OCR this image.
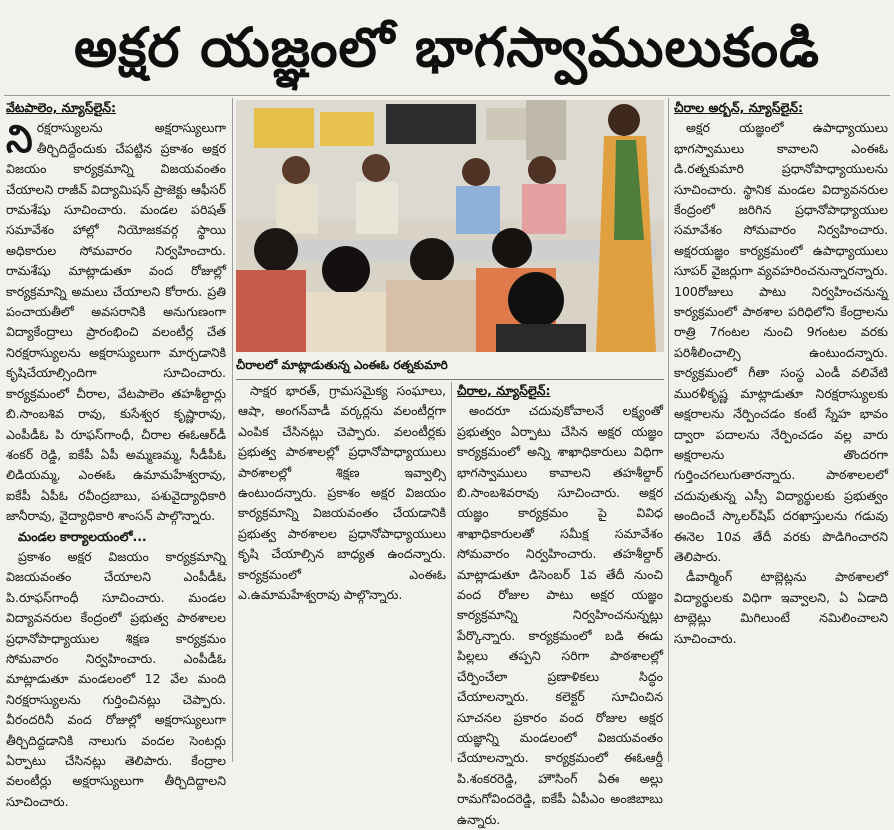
అక్షర యజ్ఞంలో భాగస్వాములుకండి

వేటపాలెం, న్యూస్‌లైన్:

నిరక్షరాస్యులను అక్షరాస్యులుగా తీర్చిదిద్దేందుకు చేపట్టిన ప్రకాశం అక్షర విజయం కార్యక్రమాన్ని విజయవంతం చేయాలని రాజీవ్ విద్యామిషన్ ప్రాజెక్టు ఆఫీసర్ రామశేషు సూచించారు. మండల పరిషత్ సమావేశం హాల్లో నియోజకవర్గ స్థాయి అధికారుల సోమవారం నిర్వహించారు. రామశేషు మాట్లాడుతూ వంద రోజుల్లో కార్యక్రమాన్ని అమలు చేయాలని కోరారు. ప్రతి పంచాయతీలో అవసరానికి అనుగుణంగా విద్యాకేంద్రాలు ప్రారంభించి వలంటీర్ల చేత నిరక్షరాస్యులను అక్షరాస్యులుగా మార్చడానికి కృషిచేయాల్సిందిగా సూచించారు. కార్యక్రమంలో చీరాల, వేటపాలెం తహశీల్దార్లు బి.సాంబశివ రావు, కుసేశ్వర కృష్ణారావు, ఎంపీడీఓ పి రూఫస్‌గాంధీ, చీరాల ఈఓఆర్‌డీ శంకర్ రెడ్డి, ఐకేపీ ఏపీ అమ్మణమ్మ, సీడీపీఓ లిడియమ్మ, ఎంఈఓ ఉమామహేశ్వరావు, ఐకేపీ ఏపీఓ రవీంద్రబాబు, పశువైద్యాధికారి జానీరావు, వైద్యాధికారి శాంసన్ పాల్గొన్నారు.

మండల కార్యాలయంలో...

ప్రకాశం అక్షర విజయం కార్యక్రమాన్ని విజయవంతం చేయాలని ఎంపీడీఓ పి.రూఫస్‌గాంధీ సూచించారు. మండల విద్యావనరుల కేంద్రంలో ప్రభుత్వ పాఠశాలల ప్రధానోపాధ్యాయుల శిక్షణ కార్యక్రమం సోమవారం నిర్వహించారు. ఎంపీడీఓ మాట్లాడుతూ మండలంలో 12 వేల మంది నిరక్షరాస్యులను గుర్తించినట్లు చెప్పారు. వీరందరినీ వంద రోజుల్లో అక్షరాస్యులుగా తీర్చిదిద్దడానికి నాలుగు వందల సెంటర్లు ఏర్పాటు చేసినట్లు తెలిపారు. కేంద్రాల వలంటీర్లు అక్షరాస్యులుగా తీర్చిదిద్దాలని సూచించారు.

చీరాలలో మాట్లాడుతున్న ఎంఈఓ రత్నకుమారి

సాక్షర భారత్, గ్రామసమైక్య సంఘాలు, ఆషా, అంగన్‌వాడీ వర్కర్లను వలంటీర్లగా ఎంపిక చేసినట్లు చెప్పారు. వలంటీర్లకు ప్రభుత్వ పాఠశాలల్లో ప్రధానోపాధ్యాయులు పాఠశాలల్లో శిక్షణ ఇవ్వాల్సి ఉంటుందన్నారు. ప్రకాశం అక్షర విజయం కార్యక్రమాన్ని విజయవంతం చేయడానికి ప్రభుత్వ పాఠశాలల ప్రధానోపాధ్యాయులు కృషి చేయాల్సిన బాధ్యత ఉందన్నారు. కార్యక్రమంలో ఎంఈఓ ఎ.ఉమామహేశ్వరావు పాల్గొన్నారు.

చీరాల, న్యూస్‌లైన్:

అందరూ చదువుకోవాలనే లక్ష్యంతో ప్రభుత్వం ఏర్పాటు చేసిన అక్షర యజ్ఞం కార్యక్రమంలో అన్ని శాఖాధికారులు విధిగా భాగస్వాములు కావాలని తహశీల్దార్ బి.సాంబశివరావు సూచించారు. అక్షర యజ్ఞం కార్యక్రమం పై వివిధ శాఖాధికారులతో సమీక్ష సమావేశం సోమవారం నిర్వహించారు. తహశీల్దార్ మాట్లాడుతూ డిసెంబర్ 1వ తేదీ నుంచి వంద రోజుల పాటు అక్షర యజ్ఞం కార్యక్రమాన్ని నిర్వహించనున్నట్లు పేర్కొన్నారు. కార్యక్రమంలో బడి ఈడు పిల్లలు తప్పని సరిగా పాఠశాలల్లో చేర్పించేలా ప్రణాళికలు సిద్ధం చేయాలన్నారు. కలెక్టర్ సూచించిన సూచనల ప్రకారం వంద రోజుల అక్షర యజ్ఞాన్ని మండలంలో విజయవంతం చేయాలన్నారు. కార్యక్రమంలో ఈఓఆర్డీ పి.శంకరరెడ్డి, హౌసింగ్ ఏఈ అల్లు రామగోవిందరెడ్డి, ఐకేపీ ఏపీఎం అంజిబాబు ఉన్నారు.

చీరాల అర్బన్, న్యూస్‌లైన్:

అక్షర యజ్ఞంలో ఉపాధ్యాయులు భాగస్వాములు కావాలని ఎంఈఓ డి.రత్నకుమారి ప్రధానోపాధ్యాయులను సూచించారు. స్థానిక మండల విద్యావనరుల కేంద్రంలో జరిగిన ప్రధానోపాధ్యాయుల సమావేశం సోమవారం నిర్వహించారు. అక్షరయజ్ఞం కార్యక్రమంలో ఉపాధ్యాయులు సూపర్ వైజర్లుగా వ్యవహరించనున్నారన్నారు. 100రోజులు పాటు నిర్వహించనున్న కార్యక్రమంలో పాఠశాల పరిధిలోని కేంద్రాలను రాత్రి 7గంటల నుంచి 9గంటల వరకు పరిశీలించాల్సి ఉంటుందన్నారు. కార్యక్రమంలో గీతా సంస్థ ఎండీ వలివేటి మురళీకృష్ణ మాట్లాడుతూ నిరక్షరాస్యులకు అక్షరాలను నేర్పించడం కంటే స్నేహ భావం ద్వారా పదాలను నేర్పించడం వల్ల వారు అక్షరాలను తొందరగా గుర్తించగలుగుతారన్నారు. పాఠశాలలలో చదువుతున్న ఎస్సీ విద్యార్థులకు ప్రభుత్వం అందించే స్కాలర్‌షిప్ దరఖాస్తులను గడువు ఈనెల 10వ తేదీ వరకు పొడిగించారని తెలిపారు.

డీవార్మింగ్ టాబ్లెట్లను పాఠశాలలో విద్యార్థులకు విధిగా ఇవ్వాలని, ఏ ఏడాది టాబ్లెట్లు మిగిలుంటే నమిలించాలని సూచించారు.
